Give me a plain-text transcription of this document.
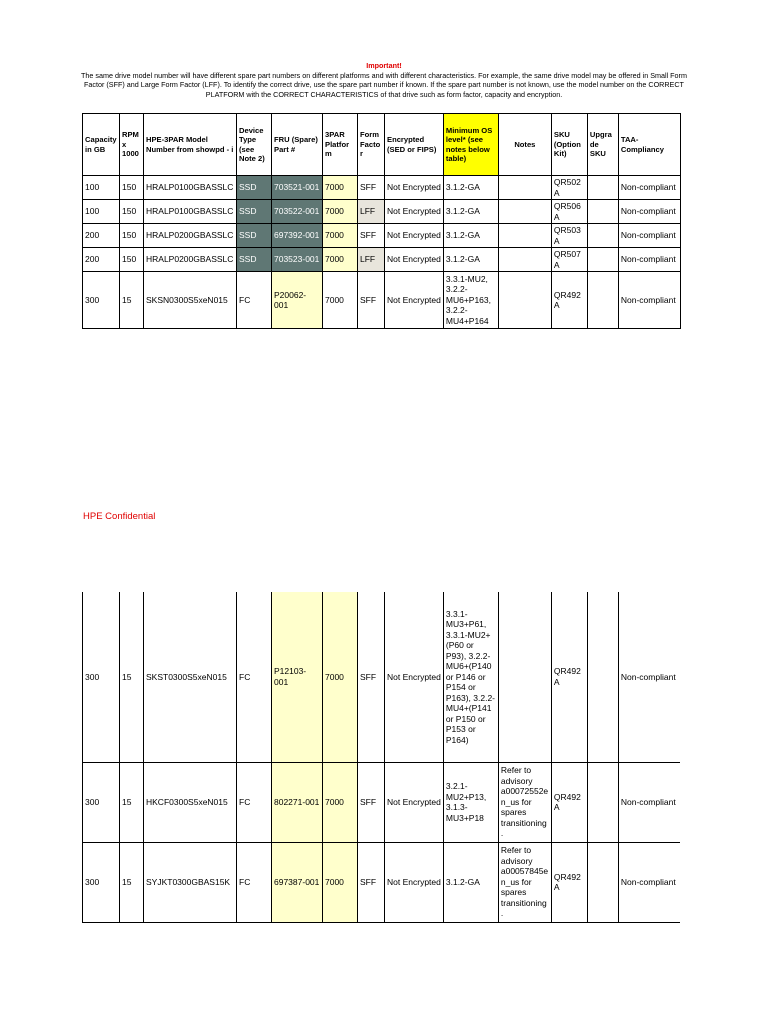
Important!
The same drive model number will have different spare part numbers on different platforms and with different characteristics. For example, the same drive model may be offered in Small Form Factor (SFF) and Large Form Factor (LFF). To identify the correct drive, use the spare part number if known. If the spare part number is not known, use the model number on the CORRECT PLATFORM with the CORRECT CHARACTERISTICS of that drive such as form factor, capacity and encryption.
Capacity in GB	RPM x 1000	HPE-3PAR Model Number from showpd - i	Device Type (see Note 2)	FRU (Spare) Part #	3PAR Platform	Form Factor	Encrypted (SED or FIPS)	Minimum OS level* (see notes below table)	Notes	SKU (Option Kit)	Upgrade SKU	TAA-Compliancy
100	150	HRALP0100GBASSLC	SSD	703521-001	7000	SFF	Not Encrypted	3.1.2-GA		QR502 A		Non-compliant
100	150	HRALP0100GBASSLC	SSD	703522-001	7000	LFF	Not Encrypted	3.1.2-GA		QR506 A		Non-compliant
200	150	HRALP0200GBASSLC	SSD	697392-001	7000	SFF	Not Encrypted	3.1.2-GA		QR503 A		Non-compliant
200	150	HRALP0200GBASSLC	SSD	703523-001	7000	LFF	Not Encrypted	3.1.2-GA		QR507 A		Non-compliant
300	15	SKSN0300S5xeN015	FC	P20062-001	7000	SFF	Not Encrypted	3.3.1-MU2, 3.2.2-MU6+P163, 3.2.2-MU4+P164		QR492A		Non-compliant
HPE Confidential
300	15	SKST0300S5xeN015	FC	P12103-001	7000	SFF	Not Encrypted	3.3.1-MU3+P61, 3.3.1-MU2+(P60 or P93), 3.2.2-MU6+(P140 or P146 or P154 or P163), 3.2.2-MU4+(P141 or P150 or P153 or P164)		QR492 A		Non-compliant
300	15	HKCF0300S5xeN015	FC	802271-001	7000	SFF	Not Encrypted	3.2.1-MU2+P13, 3.1.3-MU3+P18	Refer to advisory a00072552en_us for spares transitioning.	QR492 A		Non-compliant
300	15	SYJKT0300GBAS15K	FC	697387-001	7000	SFF	Not Encrypted	3.1.2-GA	Refer to advisory a00057845en_us for spares transitioning.	QR492 A		Non-compliant
